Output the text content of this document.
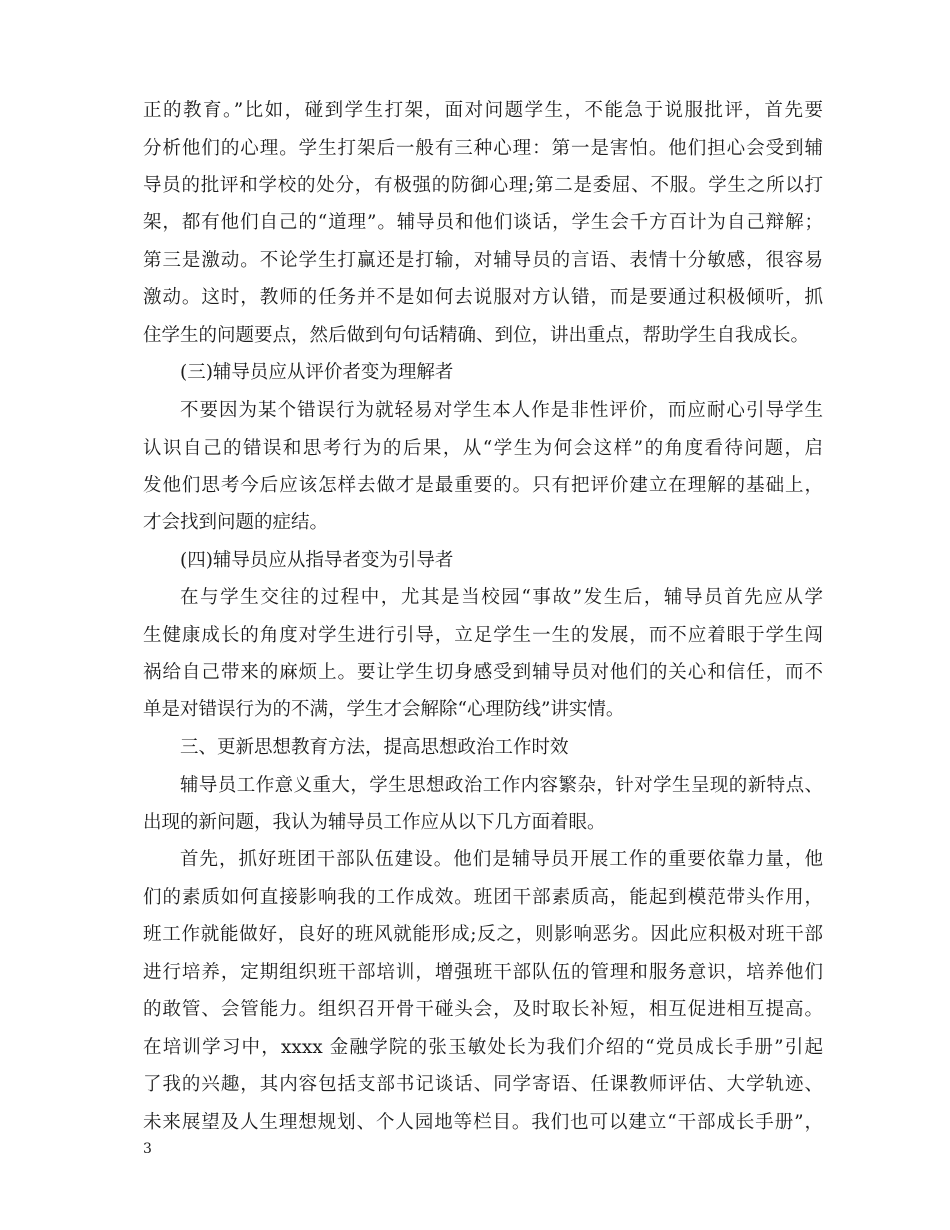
正的教育。”比如，碰到学生打架，面对问题学生，不能急于说服批评，首先要
分析他们的心理。学生打架后一般有三种心理：第一是害怕。他们担心会受到辅
导员的批评和学校的处分，有极强的防御心理;第二是委屈、不服。学生之所以打
架，都有他们自己的“道理”。辅导员和他们谈话，学生会千方百计为自己辩解；
第三是激动。不论学生打赢还是打输，对辅导员的言语、表情十分敏感，很容易
激动。这时，教师的任务并不是如何去说服对方认错，而是要通过积极倾听，抓
住学生的问题要点，然后做到句句话精确、到位，讲出重点，帮助学生自我成长。
(三)辅导员应从评价者变为理解者
不要因为某个错误行为就轻易对学生本人作是非性评价，而应耐心引导学生
认识自己的错误和思考行为的后果，从“学生为何会这样”的角度看待问题，启
发他们思考今后应该怎样去做才是最重要的。只有把评价建立在理解的基础上，
才会找到问题的症结。
(四)辅导员应从指导者变为引导者
在与学生交往的过程中，尤其是当校园“事故”发生后，辅导员首先应从学
生健康成长的角度对学生进行引导，立足学生一生的发展，而不应着眼于学生闯
祸给自己带来的麻烦上。要让学生切身感受到辅导员对他们的关心和信任，而不
单是对错误行为的不满，学生才会解除“心理防线”讲实情。
三、更新思想教育方法，提高思想政治工作时效
辅导员工作意义重大，学生思想政治工作内容繁杂，针对学生呈现的新特点、
出现的新问题，我认为辅导员工作应从以下几方面着眼。
首先，抓好班团干部队伍建设。他们是辅导员开展工作的重要依靠力量，他
们的素质如何直接影响我的工作成效。班团干部素质高，能起到模范带头作用，
班工作就能做好，良好的班风就能形成;反之，则影响恶劣。因此应积极对班干部
进行培养，定期组织班干部培训，增强班干部队伍的管理和服务意识，培养他们
的敢管、会管能力。组织召开骨干碰头会，及时取长补短，相互促进相互提高。
在培训学习中，xxxx 金融学院的张玉敏处长为我们介绍的“党员成长手册”引起
了我的兴趣，其内容包括支部书记谈话、同学寄语、任课教师评估、大学轨迹、
未来展望及人生理想规划、个人园地等栏目。我们也可以建立“干部成长手册”，
3
